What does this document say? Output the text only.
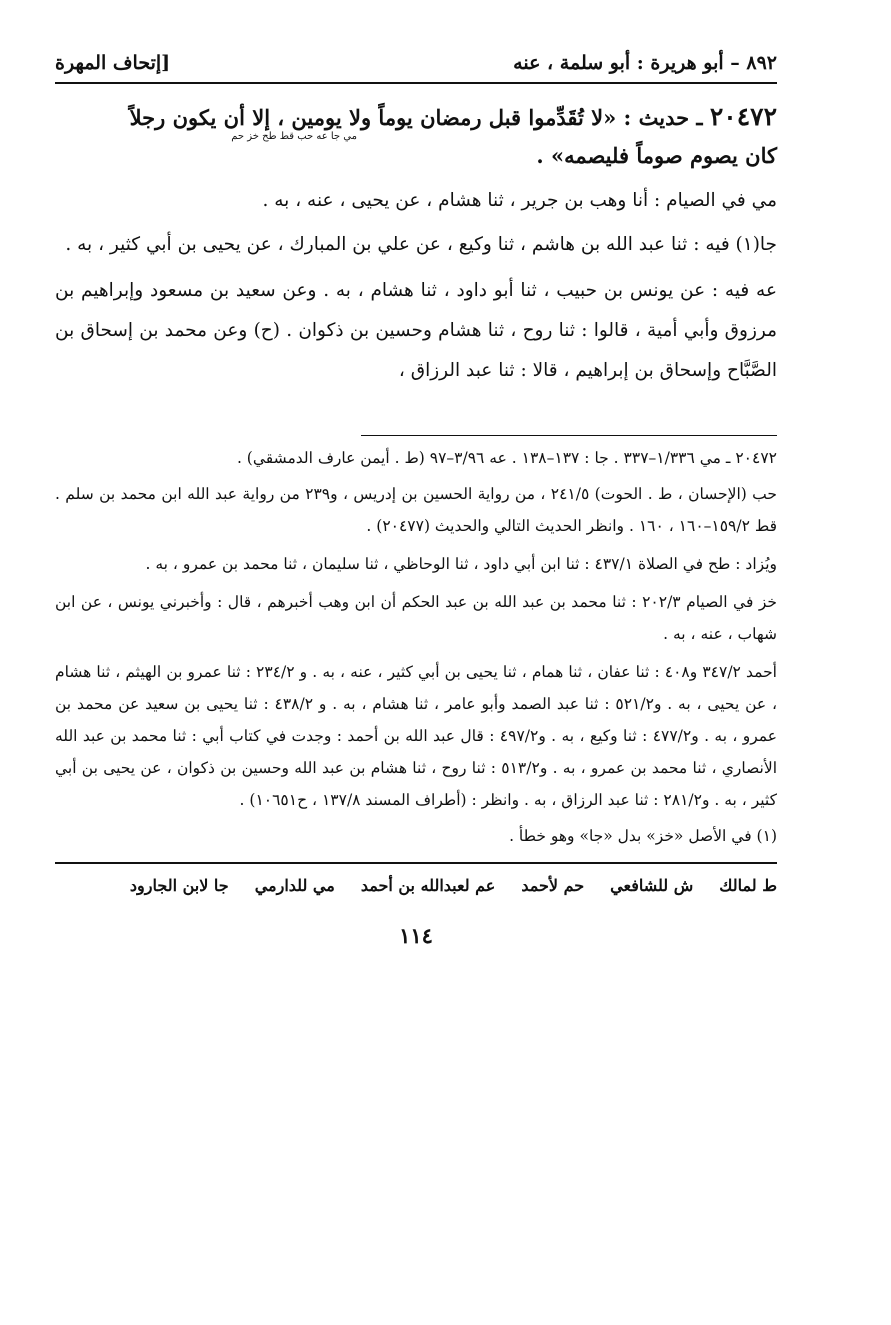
٨٩٢ – أبو هريرة : أبو سلمة ، عنه
[إتحاف المهرة
٢٠٤٧٢ ـ حديث : «لا تُقَدِّموا قبل رمضان يوماً ولا يومين ، إلا أن يكون رجلاً
مي جا عه حب قط طح خز حم
كان يصوم صوماً فليصمه» .

مي في الصيام : أنا وهب بن جرير ، ثنا هشام ، عن يحيى ، عنه ، به .

جا(١) فيه : ثنا عبد الله بن هاشم ، ثنا وكيع ، عن علي بن المبارك ، عن يحيى بن أبي كثير ، به .

عه فيه : عن يونس بن حبيب ، ثنا أبو داود ، ثنا هشام ، به . وعن سعيد بن مسعود وإبراهيم بن مرزوق وأبي أمية ، قالوا : ثنا روح ، ثنا هشام وحسين بن ذكوان . (ح) وعن محمد بن إسحاق بن الصَّبَّاح وإسحاق بن إبراهيم ، قالا : ثنا عبد الرزاق ،

٢٠٤٧٢ ـ مي ١/٣٣٦–٣٣٧ . جا : ١٣٧–١٣٨ . عه ٣/٩٦–٩٧ (ط . أيمن عارف الدمشقي) .

حب (الإحسان ، ط . الحوت) ٢٤١/٥ ، من رواية الحسين بن إدريس ، و٢٣٩ من رواية عبد الله ابن محمد بن سلم . قط ١٥٩/٢–١٦٠ ، ١٦٠ . وانظر الحديث التالي والحديث (٢٠٤٧٧) .

ويُزاد : طح في الصلاة ٤٣٧/١ : ثنا ابن أبي داود ، ثنا الوحاظي ، ثنا سليمان ، ثنا محمد بن عمرو ، به .

خز في الصيام ٢٠٢/٣ : ثنا محمد بن عبد الله بن عبد الحكم أن ابن وهب أخبرهم ، قال : وأخبرني يونس ، عن ابن شهاب ، عنه ، به .

أحمد ٣٤٧/٢ و٤٠٨ : ثنا عفان ، ثنا همام ، ثنا يحيى بن أبي كثير ، عنه ، به . و ٢٣٤/٢ : ثنا عمرو بن الهيثم ، ثنا هشام ، عن يحيى ، به . و٥٢١/٢ : ثنا عبد الصمد وأبو عامر ، ثنا هشام ، به . و ٤٣٨/٢ : ثنا يحيى بن سعيد عن محمد بن عمرو ، به . و٤٧٧/٢ : ثنا وكيع ، به . و٤٩٧/٢ : قال عبد الله بن أحمد : وجدت في كتاب أبي : ثنا محمد بن عبد الله الأنصاري ، ثنا محمد بن عمرو ، به . و٥١٣/٢ : ثنا روح ، ثنا هشام بن عبد الله وحسين بن ذكوان ، عن يحيى بن أبي كثير ، به . و٢٨١/٢ : ثنا عبد الرزاق ، به . وانظر : (أطراف المسند ١٣٧/٨ ، ح١٠٦٥١) .

(١) في الأصل «خز» بدل «جا» وهو خطأ .

ط لمالك
ش للشافعي
حم لأحمد
عم لعبدالله بن أحمد
مي للدارمي
جا لابن الجارود
١١٤
